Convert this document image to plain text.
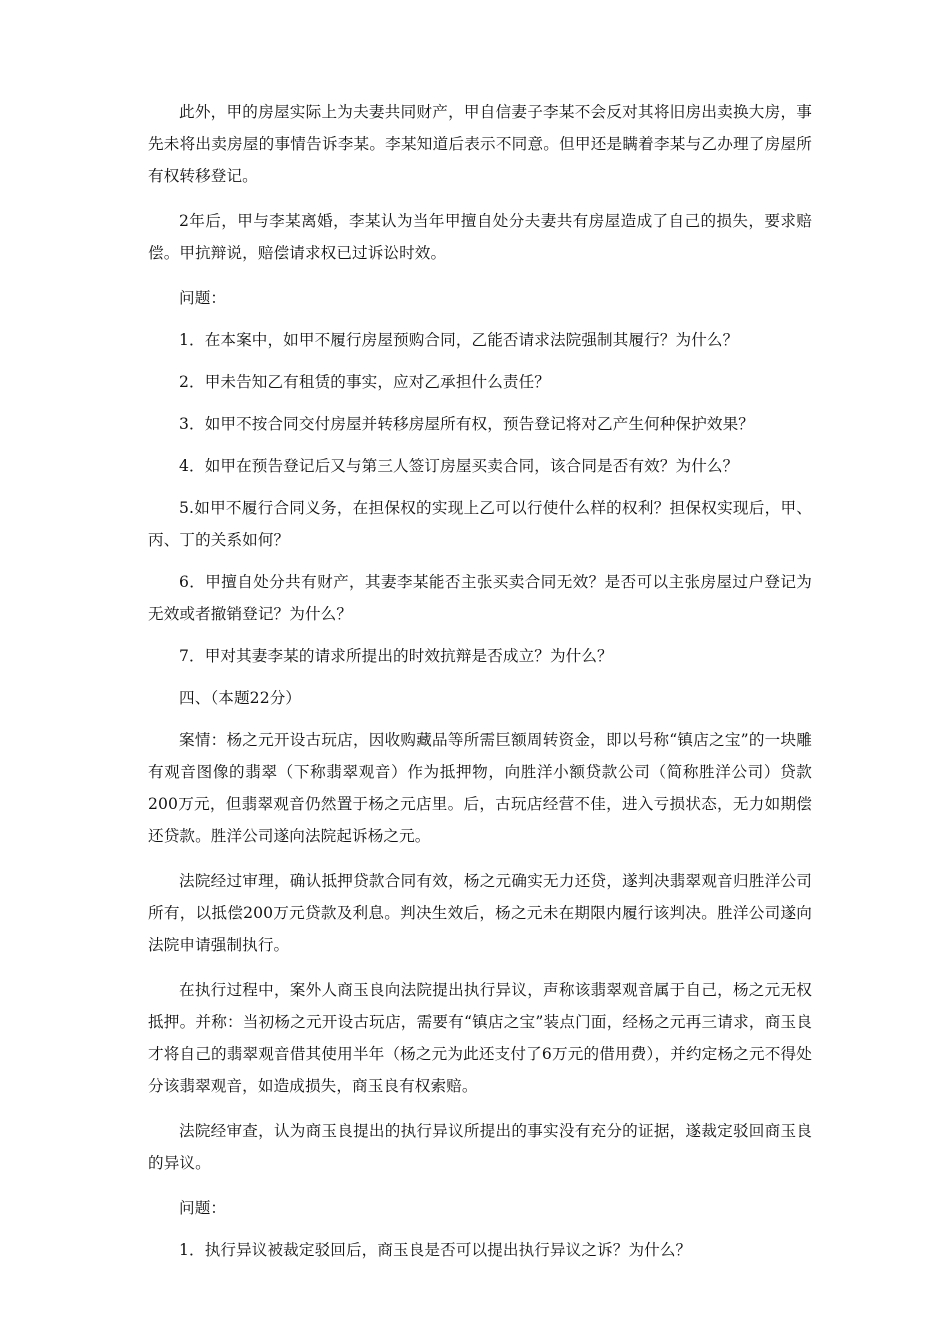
此外，甲的房屋实际上为夫妻共同财产，甲自信妻子李某不会反对其将旧房出卖换大房，事先未将出卖房屋的事情告诉李某。李某知道后表示不同意。但甲还是瞒着李某与乙办理了房屋所有权转移登记。

2年后，甲与李某离婚，李某认为当年甲擅自处分夫妻共有房屋造成了自己的损失，要求赔偿。甲抗辩说，赔偿请求权已过诉讼时效。

问题：

1．在本案中，如甲不履行房屋预购合同，乙能否请求法院强制其履行？为什么？

2．甲未告知乙有租赁的事实，应对乙承担什么责任？

3．如甲不按合同交付房屋并转移房屋所有权，预告登记将对乙产生何种保护效果？

4．如甲在预告登记后又与第三人签订房屋买卖合同，该合同是否有效？为什么？

5.如甲不履行合同义务，在担保权的实现上乙可以行使什么样的权利？担保权实现后，甲、丙、丁的关系如何？

6．甲擅自处分共有财产，其妻李某能否主张买卖合同无效？是否可以主张房屋过户登记为无效或者撤销登记？为什么？

7．甲对其妻李某的请求所提出的时效抗辩是否成立？为什么？

四、（本题22分）

案情：杨之元开设古玩店，因收购藏品等所需巨额周转资金，即以号称“镇店之宝”的一块雕有观音图像的翡翠（下称翡翠观音）作为抵押物，向胜洋小额贷款公司（简称胜洋公司）贷款200万元，但翡翠观音仍然置于杨之元店里。后，古玩店经营不佳，进入亏损状态，无力如期偿还贷款。胜洋公司遂向法院起诉杨之元。

法院经过审理，确认抵押贷款合同有效，杨之元确实无力还贷，遂判决翡翠观音归胜洋公司所有，以抵偿200万元贷款及利息。判决生效后，杨之元未在期限内履行该判决。胜洋公司遂向法院申请强制执行。

在执行过程中，案外人商玉良向法院提出执行异议，声称该翡翠观音属于自己，杨之元无权抵押。并称：当初杨之元开设古玩店，需要有“镇店之宝”装点门面，经杨之元再三请求，商玉良才将自己的翡翠观音借其使用半年（杨之元为此还支付了6万元的借用费），并约定杨之元不得处分该翡翠观音，如造成损失，商玉良有权索赔。

法院经审查，认为商玉良提出的执行异议所提出的事实没有充分的证据，遂裁定驳回商玉良的异议。

问题：

1．执行异议被裁定驳回后，商玉良是否可以提出执行异议之诉？为什么？
